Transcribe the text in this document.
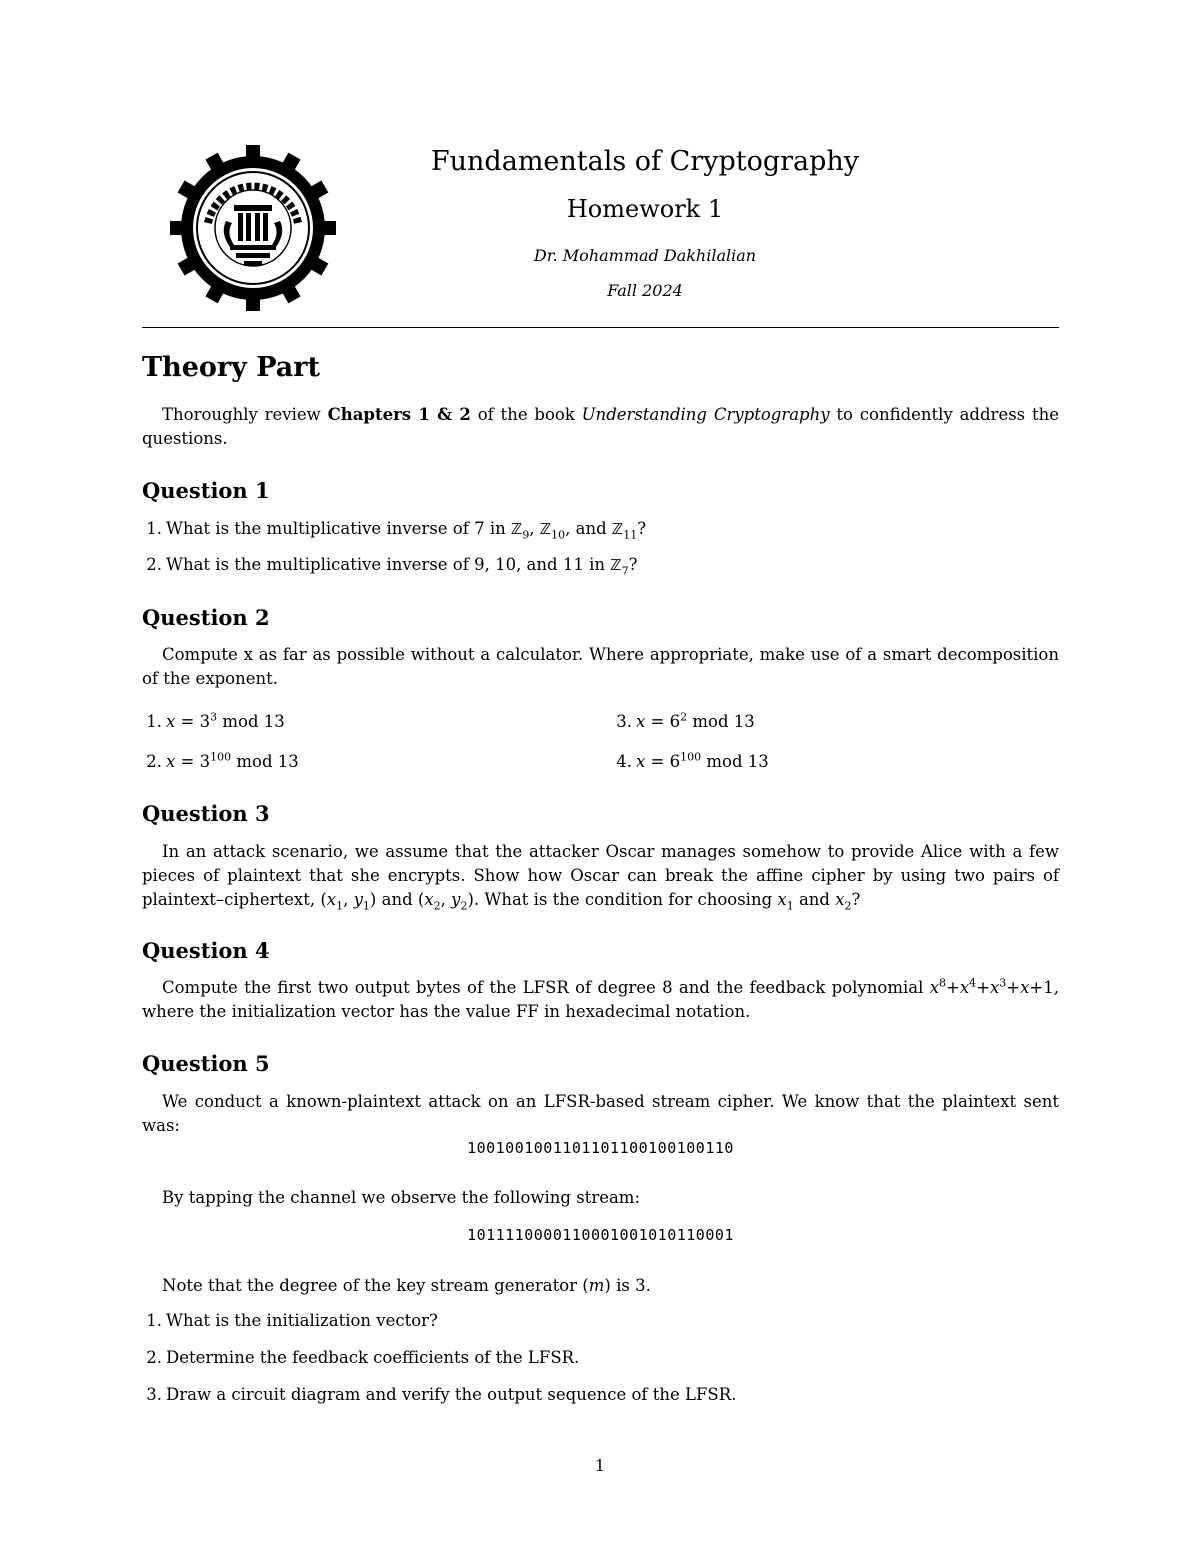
Fundamentals of Cryptography
Homework 1
Dr. Mohammad Dakhilalian
Fall 2024
Theory Part
Thoroughly review Chapters 1 & 2 of the book Understanding Cryptography to confidently address the questions.
Question 1
1. What is the multiplicative inverse of 7 in ℤ$_9$, ℤ$_{10}$, and ℤ$_{11}$?
2. What is the multiplicative inverse of 9, 10, and 11 in ℤ$_7$?
Question 2
Compute x as far as possible without a calculator. Where appropriate, make use of a smart decomposition of the exponent.
1. $x = 3^3$ mod 13
2. $x = 3^{100}$ mod 13
3. $x = 6^2$ mod 13
4. $x = 6^{100}$ mod 13
Question 3
In an attack scenario, we assume that the attacker Oscar manages somehow to provide Alice with a few pieces of plaintext that she encrypts. Show how Oscar can break the affine cipher by using two pairs of plaintext–ciphertext, ($x_1$, $y_1$) and ($x_2$, $y_2$). What is the condition for choosing $x_1$ and $x_2$?
Question 4
Compute the first two output bytes of the LFSR of degree 8 and the feedback polynomial $x^8+x^4+x^3+x+1$, where the initialization vector has the value FF in hexadecimal notation.
Question 5
We conduct a known-plaintext attack on an LFSR-based stream cipher. We know that the plaintext sent was:
1001001001101101100100100110
By tapping the channel we observe the following stream:
1011110000110001001010110001
Note that the degree of the key stream generator (m) is 3.
1. What is the initialization vector?
2. Determine the feedback coefficients of the LFSR.
3. Draw a circuit diagram and verify the output sequence of the LFSR.
1
